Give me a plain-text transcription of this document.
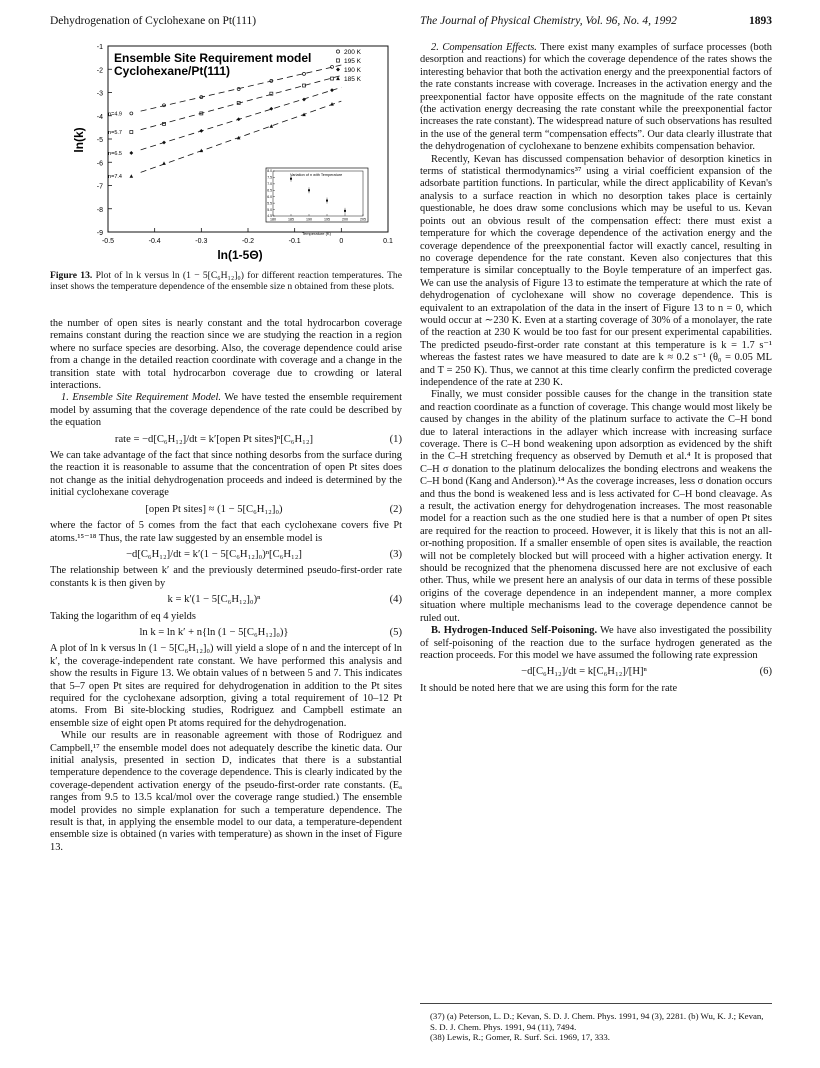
Dehydrogenation of Cyclohexane on Pt(111)	The Journal of Physical Chemistry, Vol. 96, No. 4, 1992	1893
-1
-2
-3
-4
-5
-6
-7
-8
-9
-0.5	-0.4	-0.3	-0.2	-0.1	0	0.1
Ensemble Site Requirement model
Cyclohexane/Pt(111)
200 K
195 K
190 K
185 K
n=4.9
n=5.7
n=6.5
n=7.4	Variation of n with Temperature
Temperature (K)
180	185	190	195	200	205
8.0
7.5
7.0
6.5
6.0
5.5
5.0
4.5
ln(1-5Θ)
ln(k)
Figure 13. Plot of ln k versus ln (1 − 5[C₆H₁₂]₀) for different reaction temperatures. The inset shows the temperature dependence of the ensemble size n obtained from these plots.

the number of open sites is nearly constant and the total hydrocarbon coverage remains constant during the reaction since we are studying the reaction in a region where no surface species are desorbing. Also, the coverage dependence could arise from a change in the detailed reaction coordinate with coverage and a change in the transition state with total hydrocarbon coverage due to crowding or lateral interactions.

1. Ensemble Site Requirement Model. We have tested the ensemble requirement model by assuming that the coverage dependence of the rate could be described by the equation

rate = −d[C₆H₁₂]/dt = k′[open Pt sites]ⁿ[C₆H₁₂]	(1)

We can take advantage of the fact that since nothing desorbs from the surface during the reaction it is reasonable to assume that the concentration of open Pt sites does not change as the initial dehydrogenation proceeds and indeed is determined by the initial cyclohexane coverage

[open Pt sites] ≈ (1 − 5[C₆H₁₂]₀)	(2)

where the factor of 5 comes from the fact that each cyclohexane covers five Pt atoms.¹⁵⁻¹⁸ Thus, the rate law suggested by an ensemble model is

−d[C₆H₁₂]/dt = k′(1 − 5[C₆H₁₂]₀)ⁿ[C₆H₁₂]	(3)

The relationship between k′ and the previously determined pseudo-first-order rate constants k is then given by

k = k′(1 − 5[C₆H₁₂]₀)ⁿ	(4)

Taking the logarithm of eq 4 yields

ln k = ln k′ + n{ln (1 − 5[C₆H₁₂]₀)}	(5)

A plot of ln k versus ln (1 − 5[C₆H₁₂]₀) will yield a slope of n and the intercept of ln k′, the coverage-independent rate constant. We have performed this analysis and show the results in Figure 13. We obtain values of n between 5 and 7. This indicates that 5–7 open Pt sites are required for dehydrogenation in addition to the Pt sites required for the cyclohexane adsorption, giving a total requirement of 10–12 Pt atoms. From Bi site-blocking studies, Rodriguez and Campbell estimate an ensemble size of eight open Pt atoms required for the dehydrogenation.

While our results are in reasonable agreement with those of Rodriguez and Campbell,¹⁷ the ensemble model does not adequately describe the kinetic data. Our initial analysis, presented in section D, indicates that there is a substantial temperature dependence to the coverage dependence. This is clearly indicated by the coverage-dependent activation energy of the pseudo-first-order rate constants. (Eₐ ranges from 9.5 to 13.5 kcal/mol over the coverage range studied.) The ensemble model provides no simple explanation for such a temperature dependence. The result is that, in applying the ensemble model to our data, a temperature-dependent ensemble size is obtained (n varies with temperature) as shown in the inset of Figure 13.

2. Compensation Effects. There exist many examples of surface processes (both desorption and reactions) for which the coverage dependence of the rates shows the interesting behavior that both the activation energy and the preexponential factors of the rate constants increase with coverage. Increases in the activation energy and the preexponential factor have opposite effects on the magnitude of the rate constant (the activation energy decreasing the rate constant while the preexponential factor increases the rate constant). The widespread nature of such observations has resulted in the use of the general term “compensation effects”. Our data clearly illustrate that the dehydrogenation of cyclohexane to benzene exhibits compensation behavior.

Recently, Kevan has discussed compensation behavior of desorption kinetics in terms of statistical thermodynamics³⁷ using a virial coefficient expansion of the adsorbate partition functions. In particular, while the direct applicability of Kevan's analysis to a surface reaction in which no desorption takes place is certainly questionable, he does draw some conclusions which may be useful to us. Kevan points out an obvious result of the compensation effect: there must exist a temperature for which the coverage dependence of the activation energy and the coverage dependence of the preexponential factor will exactly cancel, resulting in no coverage dependence for the rate constant. Keven also conjectures that this temperature is similar conceptually to the Boyle temperature of an imperfect gas. We can use the analysis of Figure 13 to estimate the temperature at which the rate of dehydrogenation of cyclohexane will show no coverage dependence. This is equivalent to an extrapolation of the data in the insert of Figure 13 to n = 0, which would occur at ∼230 K. Even at a starting coverage of 30% of a monolayer, the rate of the reaction at 230 K would be too fast for our present experimental capabilities. The predicted pseudo-first-order rate constant at this temperature is k = 1.7 s⁻¹ whereas the fastest rates we have measured to date are k ≈ 0.2 s⁻¹ (θ₀ = 0.05 ML and T = 250 K). Thus, we cannot at this time clearly confirm the predicted coverage independence of the rate at 230 K.

Finally, we must consider possible causes for the change in the transition state and reaction coordinate as a function of coverage. This change would most likely be caused by changes in the ability of the platinum surface to activate the C–H bond due to lateral interactions in the adlayer which increase with increasing surface coverage. There is C–H bond weakening upon adsorption as evidenced by the shift in the C–H stretching frequency as observed by Demuth et al.⁴ It is proposed that C–H σ donation to the platinum delocalizes the bonding electrons and weakens the C–H bond (Kang and Anderson).¹⁴ As the coverage increases, less σ donation occurs and thus the bond is weakened less and is less activated for C–H bond cleavage. As a result, the activation energy for dehydrogenation increases. The most reasonable model for a reaction such as the one studied here is that a number of open Pt sites are required for the reaction to proceed. However, it is likely that this is not an all-or-nothing proposition. If a smaller ensemble of open sites is available, the reaction will not be completely blocked but will proceed with a higher activation energy. It should be recognized that the phenomena discussed here are not exclusive of each other. Thus, while we present here an analysis of our data in terms of these possible origins of the coverage dependence in an independent manner, a more complex situation where multiple mechanisms lead to the coverage dependence cannot be ruled out.

B. Hydrogen-Induced Self-Poisoning. We have also investigated the possibility of self-poisoning of the reaction due to the surface hydrogen generated as the reaction proceeds. For this model we have assumed the following rate expression

−d[C₆H₁₂]/dt = k[C₆H₁₂]/[H]ⁿ	(6)

It should be noted here that we are using this form for the rate

(37) (a) Peterson, L. D.; Kevan, S. D. J. Chem. Phys. 1991, 94 (3), 2281. (b) Wu, K. J.; Kevan, S. D. J. Chem. Phys. 1991, 94 (11), 7494.
(38) Lewis, R.; Gomer, R. Surf. Sci. 1969, 17, 333.
